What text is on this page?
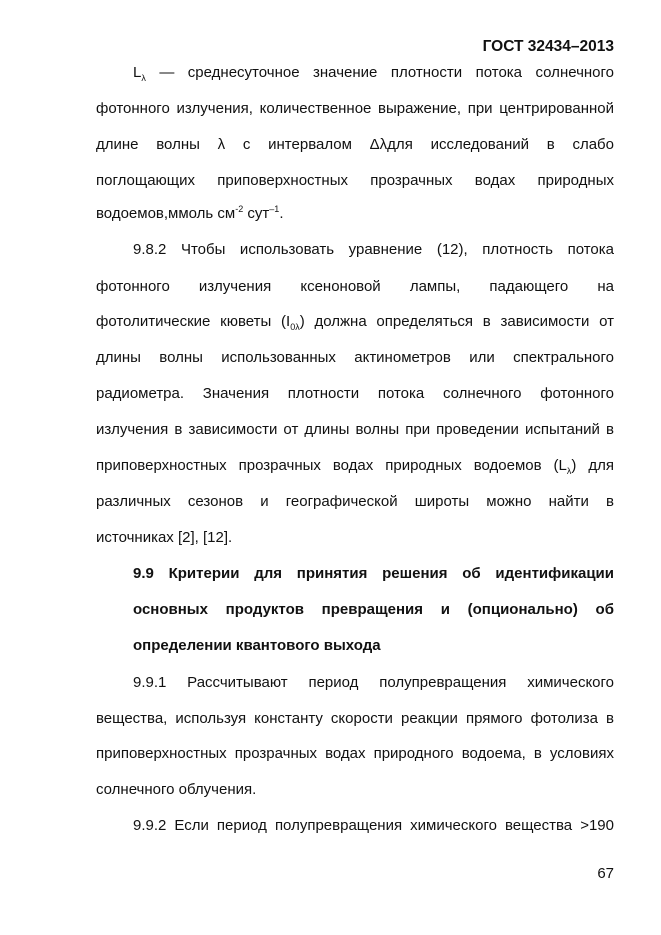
ГОСТ 32434–2013
$L_\lambda$ — среднесуточное значение плотности потока солнечного
фотонного излучения, количественное выражение, при центрированной
длине волны λ с интервалом Δλдля исследований в слабо
поглощающих приповерхностных прозрачных водах природных
водоемов,ммоль $см^{-2}$ сут$^{-1}$.
9.8.2 Чтобы использовать уравнение (12), плотность потока
фотонного излучения ксеноновой лампы, падающего на
фотолитические кюветы $(I_{0\lambda})$ должна определяться в зависимости от
длины волны использованных актинометров или спектрального
радиометра. Значения плотности потока солнечного фотонного
излучения в зависимости от длины волны при проведении испытаний в
приповерхностных прозрачных водах природных водоемов $(L_\lambda)$ для
различных сезонов и географической широты можно найти в
источниках [2], [12].
9.9 Критерии для принятия решения об идентификации
основных продуктов превращения и (опционально) об
определении квантового выхода
9.9.1 Рассчитывают период полупревращения химического
вещества, используя константу скорости реакции прямого фотолиза в
приповерхностных прозрачных водах природного водоема, в условиях
солнечного облучения.
9.9.2 Если период полупревращения химического вещества >190
67
